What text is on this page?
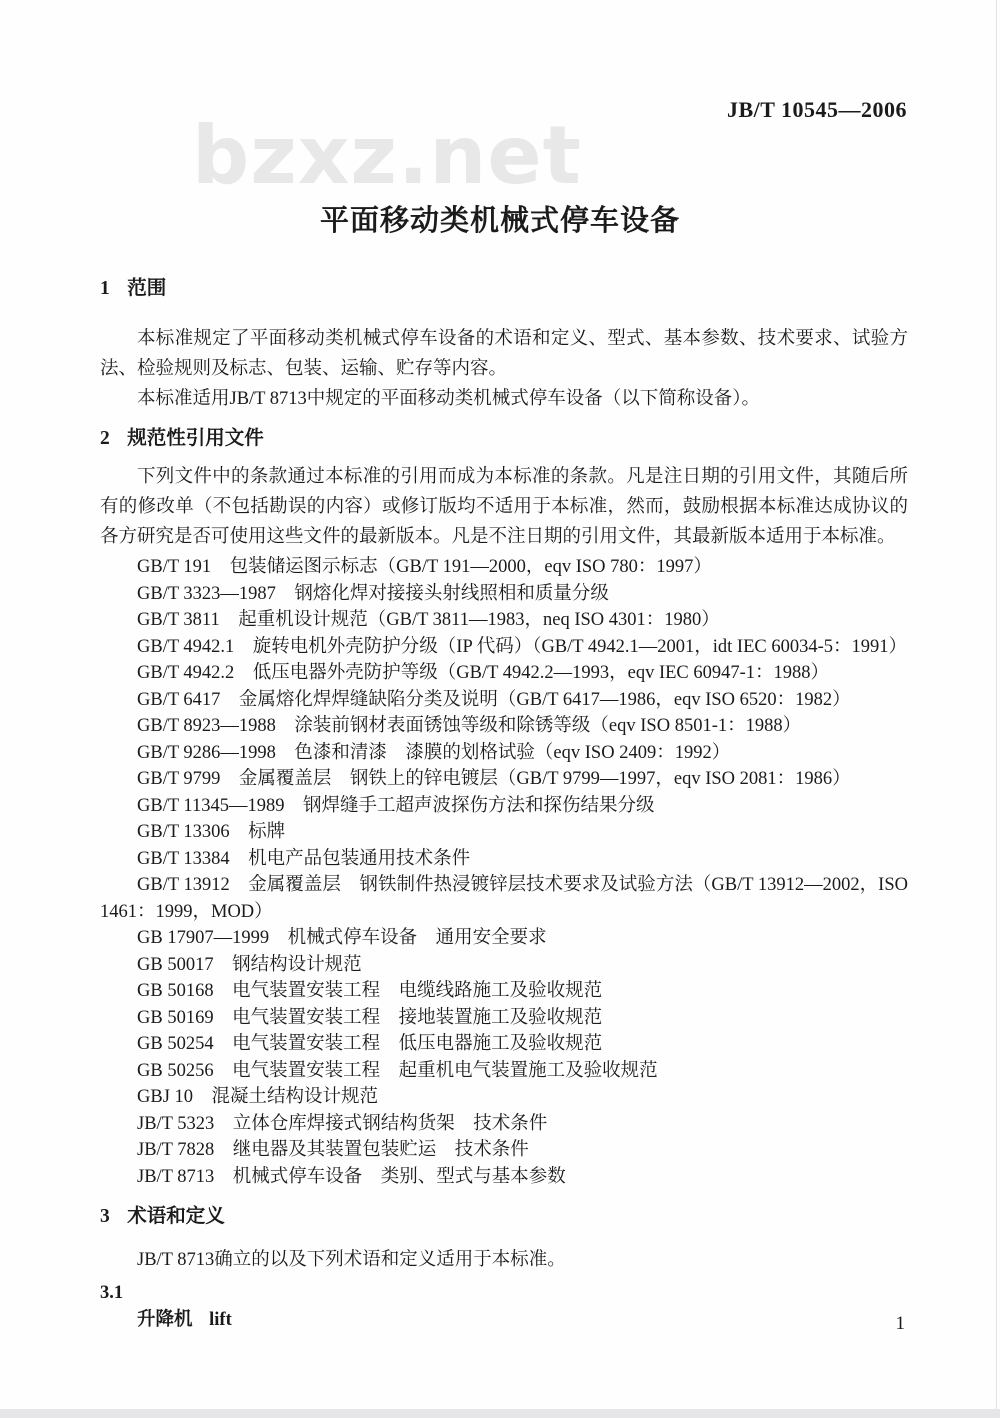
JB/T 10545—2006
bzxz.net
平面移动类机械式停车设备
1 范围

本标准规定了平面移动类机械式停车设备的术语和定义、型式、基本参数、技术要求、试验方法、检验规则及标志、包装、运输、贮存等内容。

本标准适用JB/T 8713中规定的平面移动类机械式停车设备（以下简称设备）。

2 规范性引用文件

下列文件中的条款通过本标准的引用而成为本标准的条款。凡是注日期的引用文件，其随后所有的修改单（不包括勘误的内容）或修订版均不适用于本标准，然而，鼓励根据本标准达成协议的各方研究是否可使用这些文件的最新版本。凡是不注日期的引用文件，其最新版本适用于本标准。

GB/T 191　包装储运图示标志（GB/T 191—2000，eqv ISO 780：1997）
GB/T 3323—1987　钢熔化焊对接接头射线照相和质量分级
GB/T 3811　起重机设计规范（GB/T 3811—1983，neq ISO 4301：1980）
GB/T 4942.1　旋转电机外壳防护分级（IP 代码）（GB/T 4942.1—2001，idt IEC 60034-5：1991）
GB/T 4942.2　低压电器外壳防护等级（GB/T 4942.2—1993，eqv IEC 60947-1：1988）
GB/T 6417　金属熔化焊焊缝缺陷分类及说明（GB/T 6417—1986，eqv ISO 6520：1982）
GB/T 8923—1988　涂装前钢材表面锈蚀等级和除锈等级（eqv ISO 8501-1：1988）
GB/T 9286—1998　色漆和清漆　漆膜的划格试验（eqv ISO 2409：1992）
GB/T 9799　金属覆盖层　钢铁上的锌电镀层（GB/T 9799—1997，eqv ISO 2081：1986）
GB/T 11345—1989　钢焊缝手工超声波探伤方法和探伤结果分级
GB/T 13306　标牌
GB/T 13384　机电产品包装通用技术条件
GB/T 13912　金属覆盖层　钢铁制件热浸镀锌层技术要求及试验方法（GB/T 13912—2002，ISO 1461：1999，MOD）
GB 17907—1999　机械式停车设备　通用安全要求
GB 50017　钢结构设计规范
GB 50168　电气装置安装工程　电缆线路施工及验收规范
GB 50169　电气装置安装工程　接地装置施工及验收规范
GB 50254　电气装置安装工程　低压电器施工及验收规范
GB 50256　电气装置安装工程　起重机电气装置施工及验收规范
GBJ 10　混凝土结构设计规范
JB/T 5323　立体仓库焊接式钢结构货架　技术条件
JB/T 7828　继电器及其装置包装贮运　技术条件
JB/T 8713　机械式停车设备　类别、型式与基本参数
3 术语和定义

JB/T 8713确立的以及下列术语和定义适用于本标准。

3.1
升降机 lift	1
